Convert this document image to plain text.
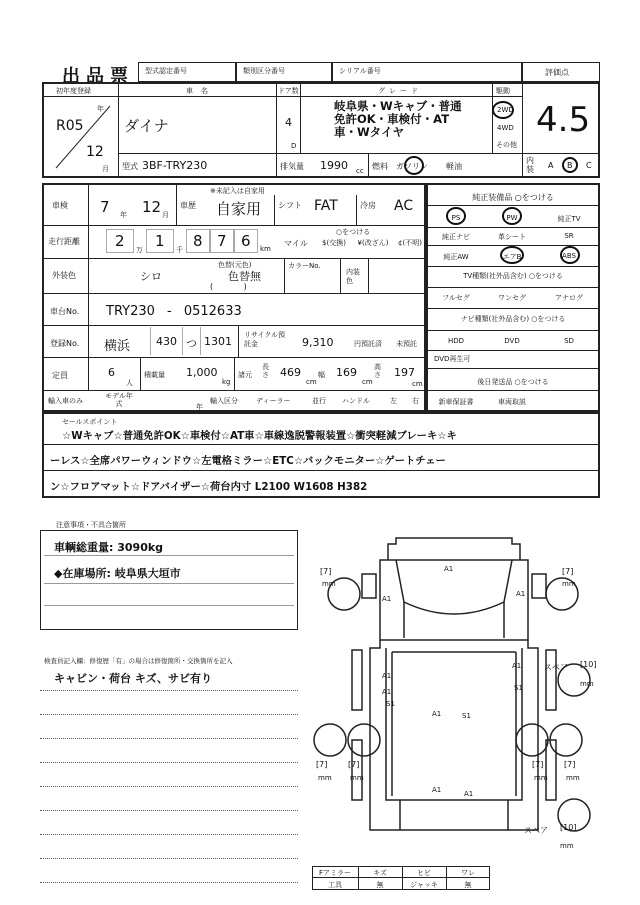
出品票 型式認定番号	類別区分番号	シリアル番号	評価点
初年度登録
R05
年
12
月
車名
ダイナ
ドア数
4
D
グレード
岐阜県・Wキャブ・普通免許OK・車検付・AT車・Wタイヤ
駆動
2WD
4WD
その他
4.5
型式 3BF-TRY230	排気量 1990 cc 燃料 ガソリン 軽油
内装 A B C
車検 7 年 12 月
※未記入は自家用
車歴 自家用 シフト FAT	冷房 AC
走行距離 2 万 1 千 8 7 6 km
マイル
○をつける
$(交換)	¥(改ざん)	¢(不明)
外装色	シロ
色替(元色)
色替無
(            )
カラーNo.
内装色
車台No. TRY230 - 0512633
登録No. 横浜 430 つ 1301 リサイクル預託金	9,310	円預託済 未預託
定員	6
人
積載量 1,000
kg
諸元
長さ 469
cm
幅 169
cm
高さ 197
cm
輸入車のみ
モデル年式	年
輸入区分	ディーラー	並行 ハンドル	左 右
純正装備品 ○をつける
PS	PW	純正TV
純正ナビ	革シート	SR
純正AW	エアB	ABS
TV種類(社外品含む) ○をつける
フルセグ	ワンセグ	アナログ
ナビ種類(社外品含む) ○をつける
HDD	DVD	SD
DVD再生可
後日発送品 ○をつける
新車保証書	車両取説
セールスポイント
☆Wキャブ☆普通免許OK☆車検付☆AT車☆車線逸脱警報装置☆衝突軽減ブレーキ☆キ
ーレス☆全席パワーウィンドウ☆左電格ミラー☆ETC☆バックモニター☆ゲートチェー
ン☆フロアマット☆ドアバイザー☆荷台内寸 L2100 W1608 H382
注意事項・不具合箇所
車輌総重量: 3090kg
◆在庫場所: 岐阜県大垣市
検査員記入欄：修復歴「有」の場合は修復箇所・交換箇所を記入
キャビン・荷台 キズ、サビ有り
A1
A1
A1
A1
A1
S1
A1	S1
A1
S1
A1	A1
[7]
mm
[7]
mm
[7]
mm
[7]
mm
[7]
mm
[7]
mm
スペア [10]
mm
スペア [10]
mm
Fアミラー	キズ	ヒビ	ワレ
工具	無	ジャッキ	無
